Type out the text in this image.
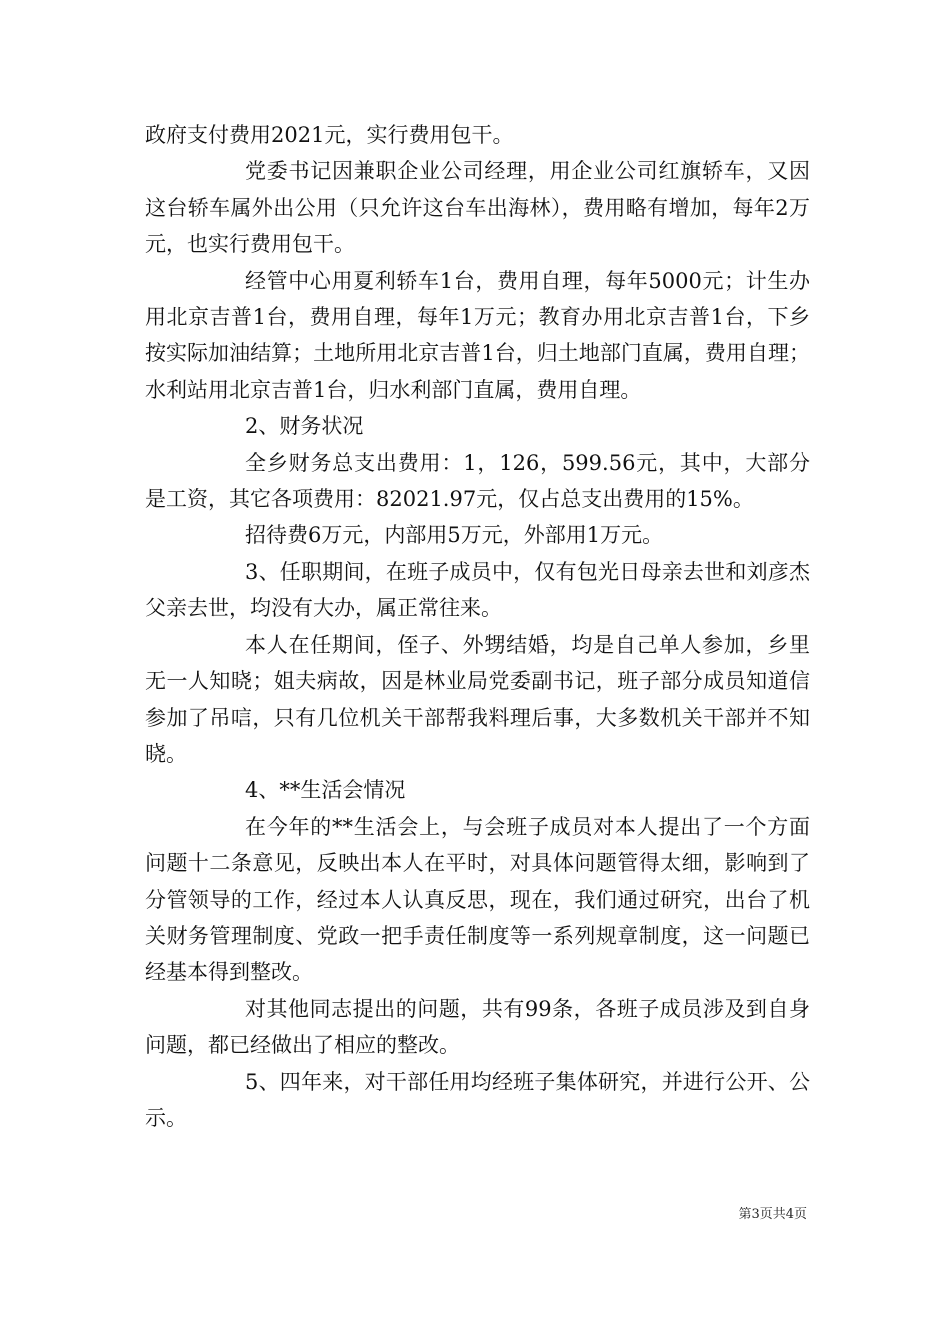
政府支付费用2021元，实行费用包干。

党委书记因兼职企业公司经理，用企业公司红旗轿车，又因这台轿车属外出公用（只允许这台车出海林），费用略有增加，每年2万元，也实行费用包干。

经管中心用夏利轿车1台，费用自理，每年5000元；计生办用北京吉普1台，费用自理，每年1万元；教育办用北京吉普1台，下乡按实际加油结算；土地所用北京吉普1台，归土地部门直属，费用自理；水利站用北京吉普1台，归水利部门直属，费用自理。

2、财务状况

全乡财务总支出费用：1，126，599.56元，其中，大部分是工资，其它各项费用：82021.97元，仅占总支出费用的15%。

招待费6万元，内部用5万元，外部用1万元。

3、任职期间，在班子成员中，仅有包光日母亲去世和刘彦杰父亲去世，均没有大办，属正常往来。

本人在任期间，侄子、外甥结婚，均是自己单人参加，乡里无一人知晓；姐夫病故，因是林业局党委副书记，班子部分成员知道信参加了吊唁，只有几位机关干部帮我料理后事，大多数机关干部并不知晓。

4、**生活会情况

在今年的**生活会上，与会班子成员对本人提出了一个方面问题十二条意见，反映出本人在平时，对具体问题管得太细，影响到了分管领导的工作，经过本人认真反思，现在，我们通过研究，出台了机关财务管理制度、党政一把手责任制度等一系列规章制度，这一问题已经基本得到整改。

对其他同志提出的问题，共有99条，各班子成员涉及到自身问题，都已经做出了相应的整改。

5、四年来，对干部任用均经班子集体研究，并进行公开、公示。

第3页共4页
